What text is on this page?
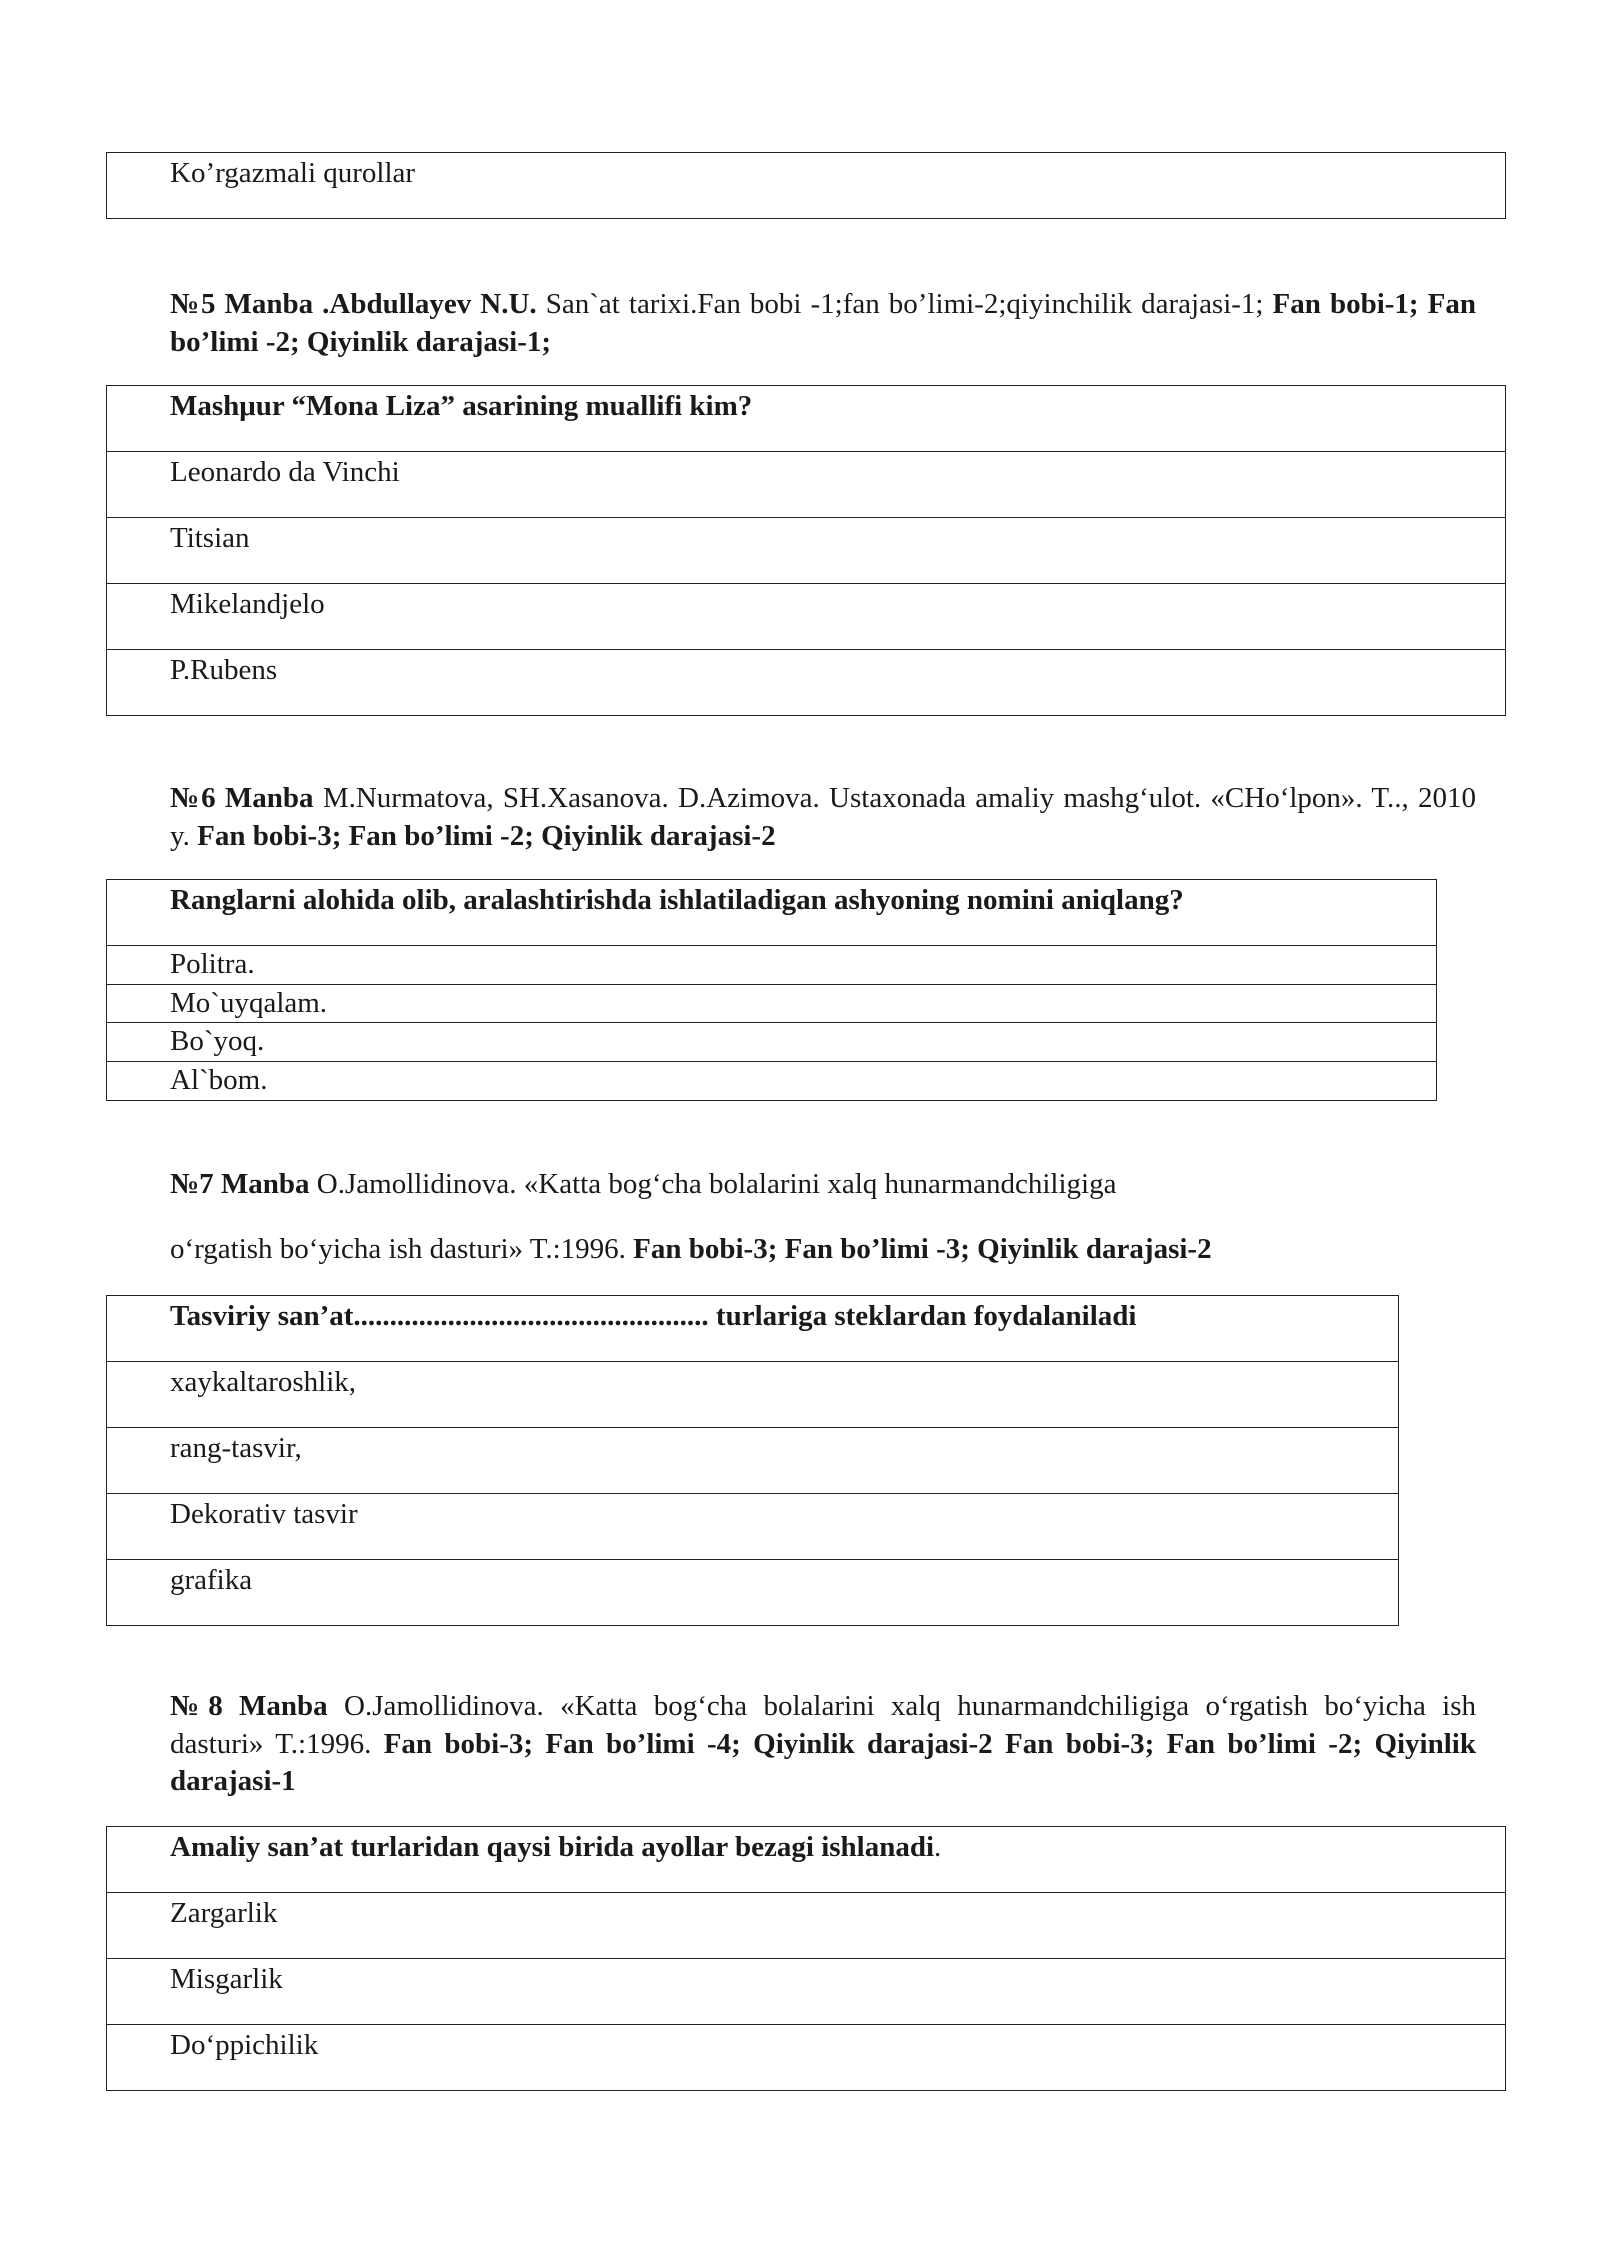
Ko’rgazmali qurollar

№5 Manba .Abdullayev N.U. San`at tarixi.Fan bobi -1;fan bo’limi-2;qiyinchilik darajasi-1; Fan bobi-1; Fan bo’limi -2; Qiyinlik darajasi-1;

Mashμur “Mona Liza” asarining muallifi kim?

Leonardo da Vinchi

Titsian

Mikelandjelo

P.Rubens

№6 Manba M.Nurmatova, SH.Xasanova. D.Azimova. Ustaxonada amaliy mashg‘ulot. «CHo‘lpon». T.., 2010 y. Fan bobi-3; Fan bo’limi -2; Qiyinlik darajasi-2

Ranglarni alohida olib, aralashtirishda ishlatiladigan ashyoning nomini aniqlang?

Politra.

Mo`uyqalam.

Bo`yoq.

Al`bom.

№7 Manba O.Jamollidinova. «Katta bog‘cha bolalarini xalq hunarmandchiligiga

o‘rgatish bo‘yicha ish dasturi» T.:1996. Fan bobi-3; Fan bo’limi -3; Qiyinlik darajasi-2

Tasviriy san’at................................................. turlariga steklardan foydalaniladi

xaykaltaroshlik,

rang-tasvir,

Dekorativ tasvir

grafika

№8 Manba O.Jamollidinova. «Katta bog‘cha bolalarini xalq hunarmandchiligiga o‘rgatish bo‘yicha ish dasturi» T.:1996. Fan bobi-3; Fan bo’limi -4; Qiyinlik darajasi-2 Fan bobi-3; Fan bo’limi -2; Qiyinlik darajasi-1

Amaliy san’at turlaridan qaysi birida ayollar bezagi ishlanadi.

Zargarlik

Misgarlik

Do‘ppichilik
